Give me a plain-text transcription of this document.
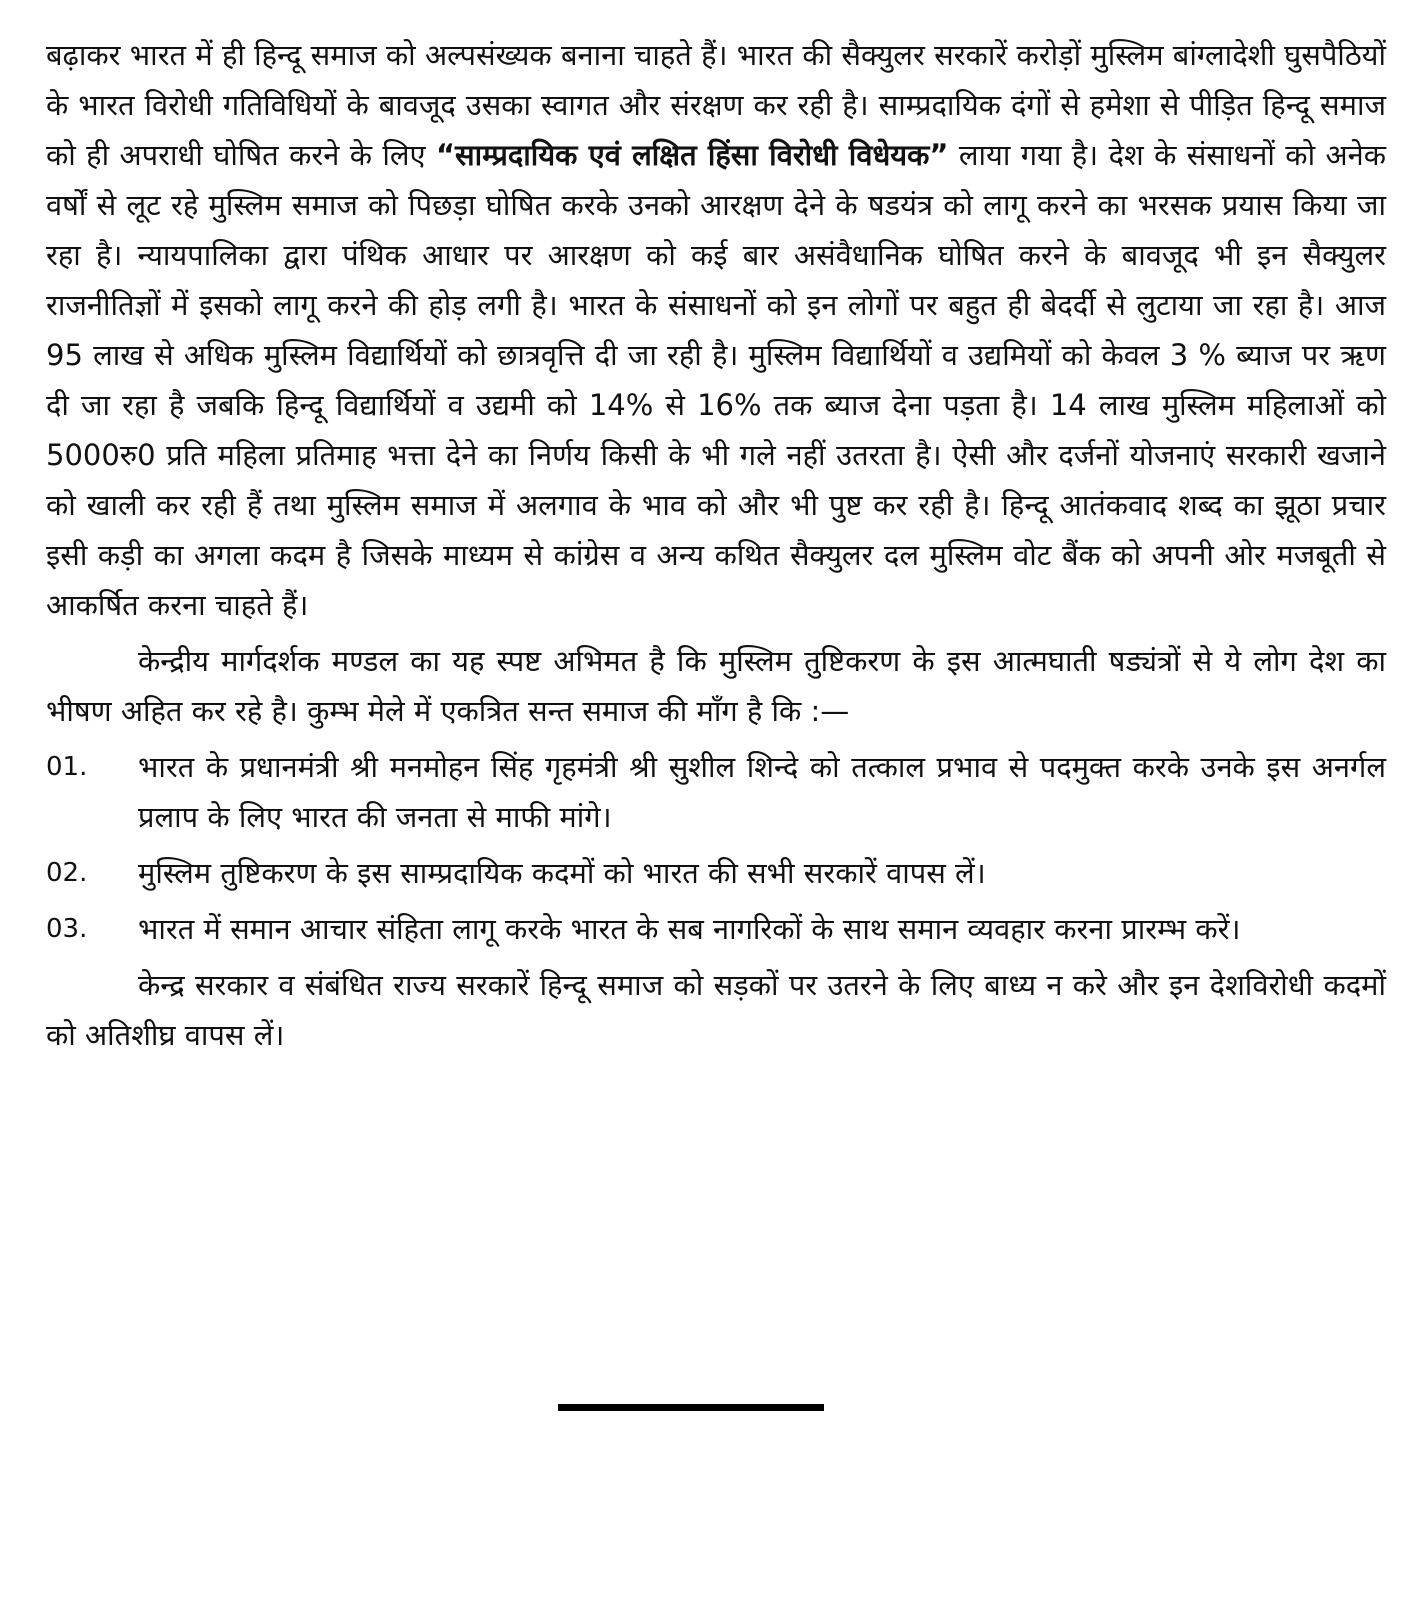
बढ़ाकर भारत में ही हिन्दू समाज को अल्पसंख्यक बनाना चाहते हैं। भारत की सैक्युलर सरकारें करोड़ों मुस्लिम बांग्लादेशी घुसपैठियों के भारत विरोधी गतिविधियों के बावजूद उसका स्वागत और संरक्षण कर रही है। साम्प्रदायिक दंगों से हमेशा से पीड़ित हिन्दू समाज को ही अपराधी घोषित करने के लिए “साम्प्रदायिक एवं लक्षित हिंसा विरोधी विधेयक” लाया गया है। देश के संसाधनों को अनेक वर्षों से लूट रहे मुस्लिम समाज को पिछड़ा घोषित करके उनको आरक्षण देने के षडयंत्र को लागू करने का भरसक प्रयास किया जा रहा है। न्यायपालिका द्वारा पंथिक आधार पर आरक्षण को कई बार असंवैधानिक घोषित करने के बावजूद भी इन सैक्युलर राजनीतिज्ञों में इसको लागू करने की होड़ लगी है। भारत के संसाधनों को इन लोगों पर बहुत ही बेदर्दी से लुटाया जा रहा है। आज 95 लाख से अधिक मुस्लिम विद्यार्थियों को छात्रवृत्ति दी जा रही है। मुस्लिम विद्यार्थियों व उद्यमियों को केवल 3 % ब्याज पर ऋण दी जा रहा है जबकि हिन्दू विद्यार्थियों व उद्यमी को 14% से 16% तक ब्याज देना पड़ता है। 14 लाख मुस्लिम महिलाओं को 5000रु0 प्रति महिला प्रतिमाह भत्ता देने का निर्णय किसी के भी गले नहीं उतरता है। ऐसी और दर्जनों योजनाएं सरकारी खजाने को खाली कर रही हैं तथा मुस्लिम समाज में अलगाव के भाव को और भी पुष्ट कर रही है। हिन्दू आतंकवाद शब्द का झूठा प्रचार इसी कड़ी का अगला कदम है जिसके माध्यम से कांग्रेस व अन्य कथित सैक्युलर दल मुस्लिम वोट बैंक को अपनी ओर मजबूती से आकर्षित करना चाहते हैं।

केन्द्रीय मार्गदर्शक मण्डल का यह स्पष्ट अभिमत है कि मुस्लिम तुष्टिकरण के इस आत्मघाती षड्यंत्रों से ये लोग देश का भीषण अहित कर रहे है। कुम्भ मेले में एकत्रित सन्त समाज की माँग है कि :—

01.	भारत के प्रधानमंत्री श्री मनमोहन सिंह गृहमंत्री श्री सुशील शिन्दे को तत्काल प्रभाव से पदमुक्त करके उनके इस अनर्गल प्रलाप के लिए भारत की जनता से माफी मांगे।
02.	मुस्लिम तुष्टिकरण के इस साम्प्रदायिक कदमों को भारत की सभी सरकारें वापस लें।
03.	भारत में समान आचार संहिता लागू करके भारत के सब नागरिकों के साथ समान व्यवहार करना प्रारम्भ करें।

केन्द्र सरकार व संबंधित राज्य सरकारें हिन्दू समाज को सड़कों पर उतरने के लिए बाध्य न करे और इन देशविरोधी कदमों को अतिशीघ्र वापस लें।
